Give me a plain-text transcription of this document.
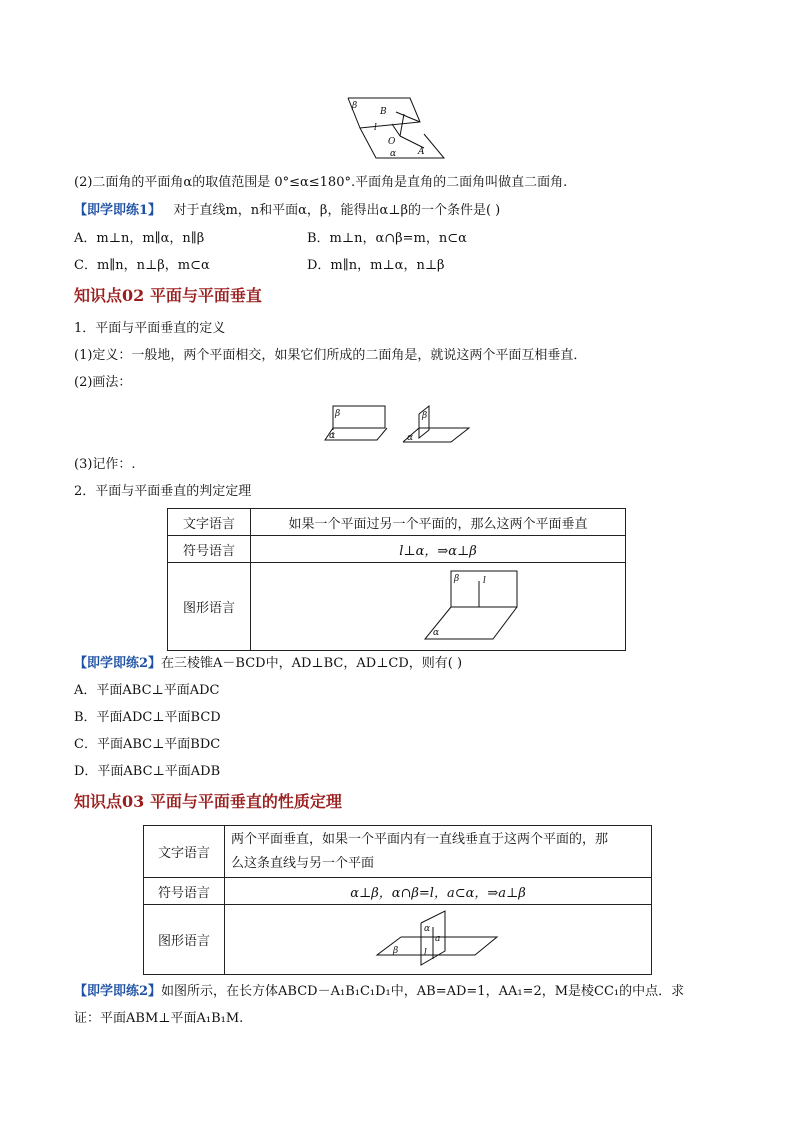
β
B
l
O
α A
(2)二面角的平面角α的取值范围是 0°≤α≤180°.平面角是直角的二面角叫做直二面角.
【即学即练1】 对于直线m，n和平面α，β，能得出α⊥β的一个条件是( )
A．m⊥n，m∥α，n∥β	B．m⊥n，α∩β=m，n⊂α
C．m∥n，n⊥β，m⊂α	D．m∥n，m⊥α，n⊥β
知识点02 平面与平面垂直
1．平面与平面垂直的定义
(1)定义：一般地，两个平面相交，如果它们所成的二面角是，就说这两个平面互相垂直．
(2)画法：
β
α
β
α
(3)记作：.
2．平面与平面垂直的判定定理
文字语言	如果一个平面过另一个平面的，那么这两个平面垂直
符号语言	l⊥α，⇒α⊥β
图形语言	β l
α
【即学即练2】在三棱锥A－BCD中，AD⊥BC，AD⊥CD，则有( )
A．平面ABC⊥平面ADC
B．平面ADC⊥平面BCD
C．平面ABC⊥平面BDC
D．平面ABC⊥平面ADB
知识点03 平面与平面垂直的性质定理
文字语言	两个平面垂直，如果一个平面内有一直线垂直于这两个平面的，那
么这条直线与另一个平面

符号语言	α⊥β，α∩β=l，a⊂α，⇒a⊥β
图形语言	α
a
l
β
【即学即练2】如图所示，在长方体ABCD－A₁B₁C₁D₁中，AB=AD=1，AA₁=2，M是棱CC₁的中点．求
证：平面ABM⊥平面A₁B₁M.
